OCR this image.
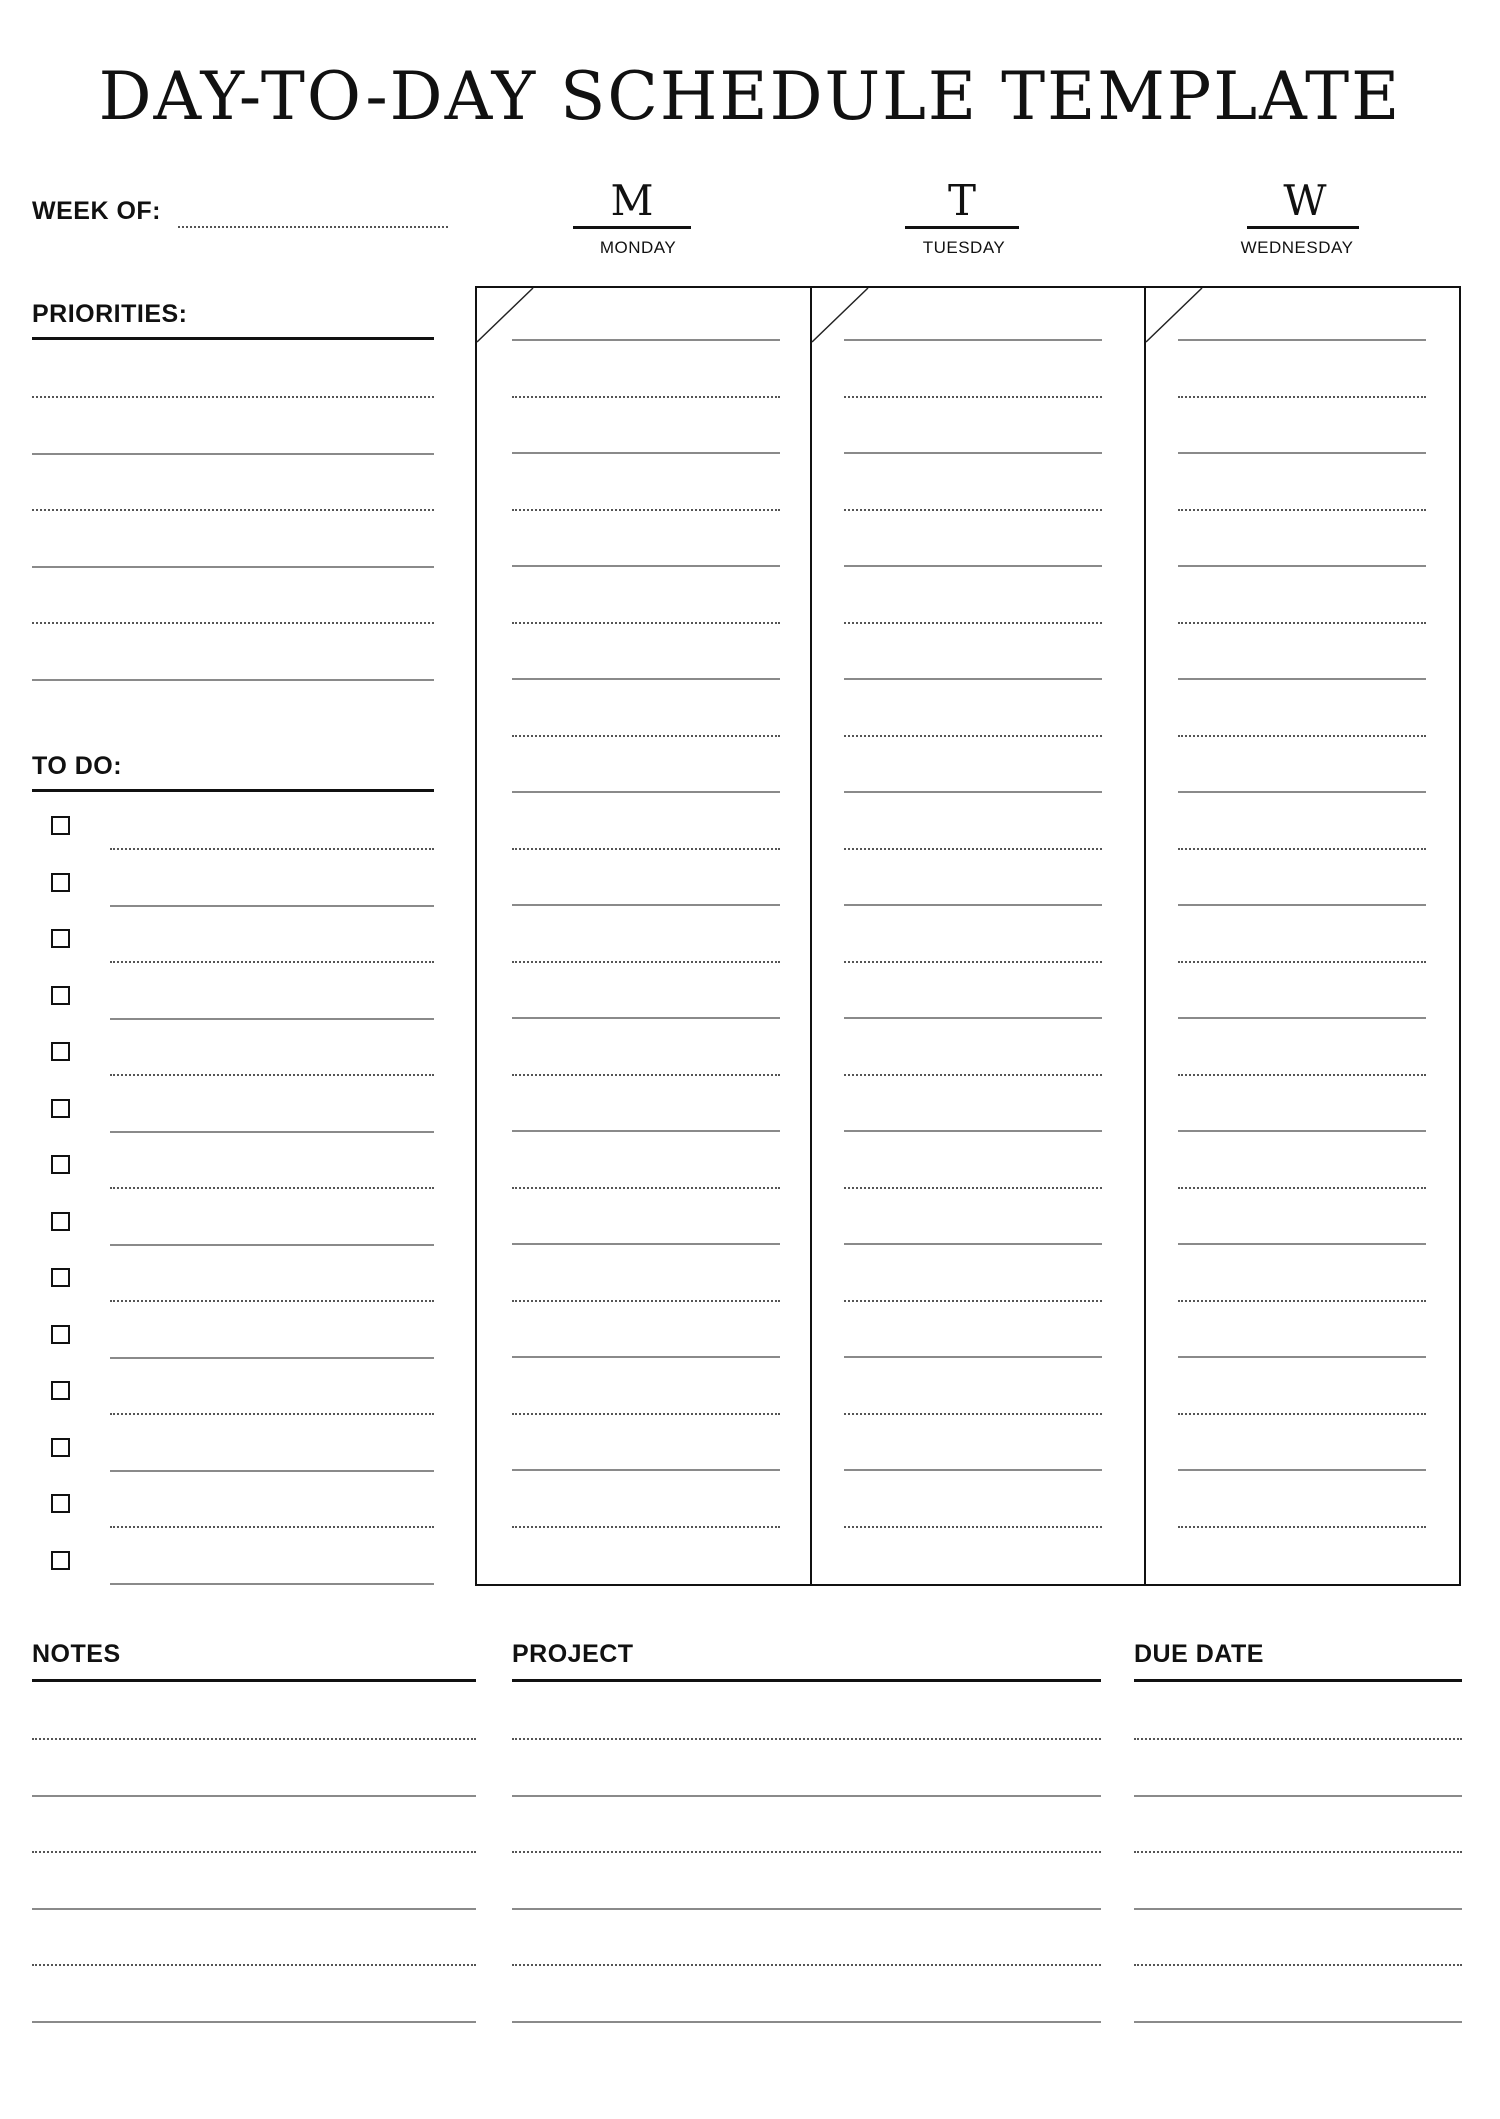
DAY-TO-DAY SCHEDULE TEMPLATE
WEEK OF:	M
MONDAY
T
TUESDAY
W
WEDNESDAY
PRIORITIES:
TO DO:
NOTES	PROJECT	DUE DATE
